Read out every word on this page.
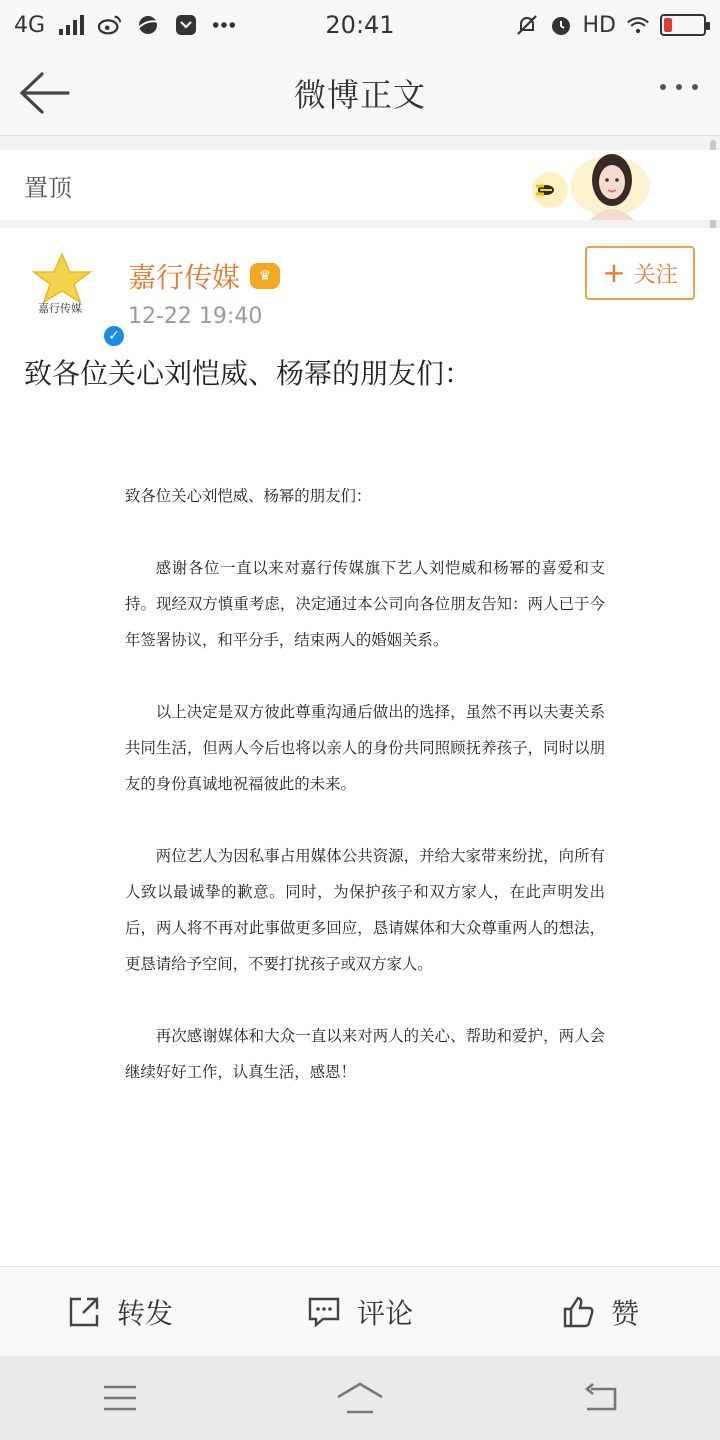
4G	20:41	HD
微博正文
置顶
嘉行传媒
✓
嘉行传媒	♛
12-22 19:40
+ 关注
致各位关心刘恺威、杨幂的朋友们：

致各位关心刘恺威、杨幂的朋友们：

感谢各位一直以来对嘉行传媒旗下艺人刘恺威和杨幂的喜爱和支持。现经双方慎重考虑，决定通过本公司向各位朋友告知：两人已于今年签署协议，和平分手，结束两人的婚姻关系。

以上决定是双方彼此尊重沟通后做出的选择，虽然不再以夫妻关系共同生活，但两人今后也将以亲人的身份共同照顾抚养孩子，同时以朋友的身份真诚地祝福彼此的未来。

两位艺人为因私事占用媒体公共资源，并给大家带来纷扰，向所有人致以最诚挚的歉意。同时，为保护孩子和双方家人，在此声明发出后，两人将不再对此事做更多回应，恳请媒体和大众尊重两人的想法，更恳请给予空间，不要打扰孩子或双方家人。

再次感谢媒体和大众一直以来对两人的关心、帮助和爱护，两人会继续好好工作，认真生活，感恩！

转发	评论	赞
